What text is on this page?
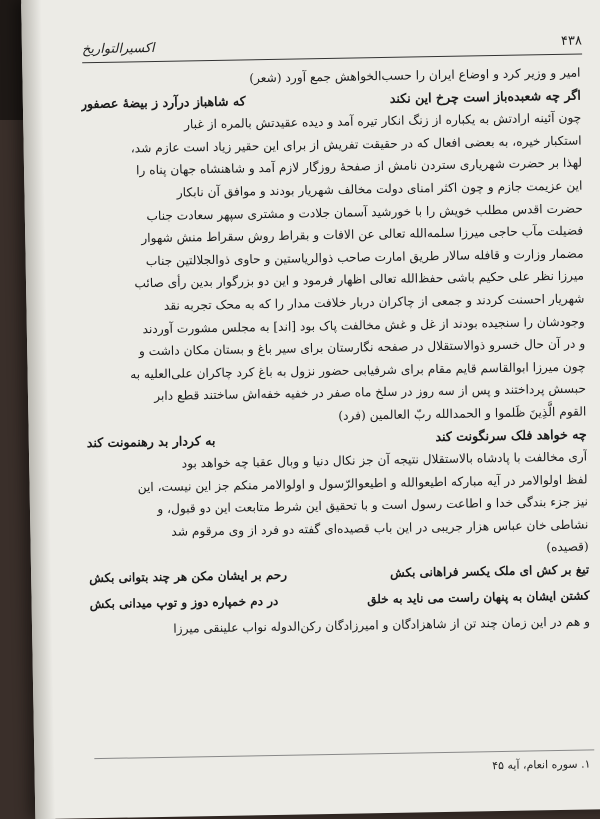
۴۳۸
اکسیرالتواریخ
امیر و وزیر کرد و اوضاع ایران را حسب‌الخواهش جمع آورد (شعر)
اگر چه شعبده‌باز است چرخ این نکند
که شاهباز درآرد ز بیضهٔ عصفور
چون آئینه ارادتش به یکباره از زنگ انکار تیره آمد و دیده عقیدتش بالمره از غبار
استکبار خیره، به بعضی افعال که در حقیقت تفریش از برای این حقیر زیاد است عازم شد،
لهذا بر حضرت شهریاری ستردن نامش از صفحهٔ روزگار لازم آمد و شاهنشاه جهان پناه را
این عزیمت جازم و چون اکثر امنای دولت مخالف شهریار بودند و موافق آن نابکار
حضرت اقدس مطلب خویش را با خورشید آسمان جلادت و مشتری سپهر سعادت جناب
فضیلت مآب حاجی میرزا سلمه‌الله تعالی عن الافات و بقراط روش سقراط منش شهوار
مضمار وزارت و قافله سالار طریق امارت صاحب ذوالریاستین و حاوی ذوالجلالتین جناب
میرزا نظر علی حکیم باشی حفظ‌الله تعالی اظهار فرمود و این دو بزرگوار بدین رأی صائب
شهریار احسنت کردند و جمعی از چاکران دربار خلافت مدار را که به محک تجربه نقد
وجودشان را سنجیده بودند از غل و غش مخالفت پاک بود [اند] به مجلس مشورت آوردند
و در آن حال خسرو ذوالاستقلال در صفحه نگارستان برای سیر باغ و بستان مکان داشت و
چون میرزا ابوالقاسم قایم مقام برای شرفیابی حضور نزول به باغ کرد چاکران علی‌العلیه به
حبسش پرداختند و پس از سه روز در سلخ ماه صفر در خفیه خفه‌اش ساختند قطع دابر
القوم الَّذِینَ ظَلموا و الحمدالله ربّ العالمین (فرد)
چه خواهد فلک سرنگونت کند
به کردار بد رهنمونت کند
آری مخالفت با پادشاه بالاستقلال نتیجه آن جز نکال دنیا و وبال عقبا چه خواهد بود
لفظ اولوالامر در آیه مبارکه اطیعوالله و اطیعوالرّسول و اولوالامر منکم جز این نیست، این
نیز جزء بندگی خدا و اطاعت رسول است و با تحقیق این شرط متابعت این دو قبول، و
نشاطی خان عباس هزار جریبی در این باب قصیده‌ای گفته دو فرد از وی مرقوم شد
(قصیده)
تیغ بر کش ای ملک یکسر فراهانی بکش
رحم بر ایشان مکن هر چند بتوانی بکش
کشتن ایشان به پنهان راست می ناید به خلق
در دم خمپاره دوز و توپ میدانی بکش
و هم در این زمان چند تن از شاهزادگان و امیرزادگان رکن‌الدوله نواب علینقی میرزا
۱. سوره انعام، آیه ۴۵
